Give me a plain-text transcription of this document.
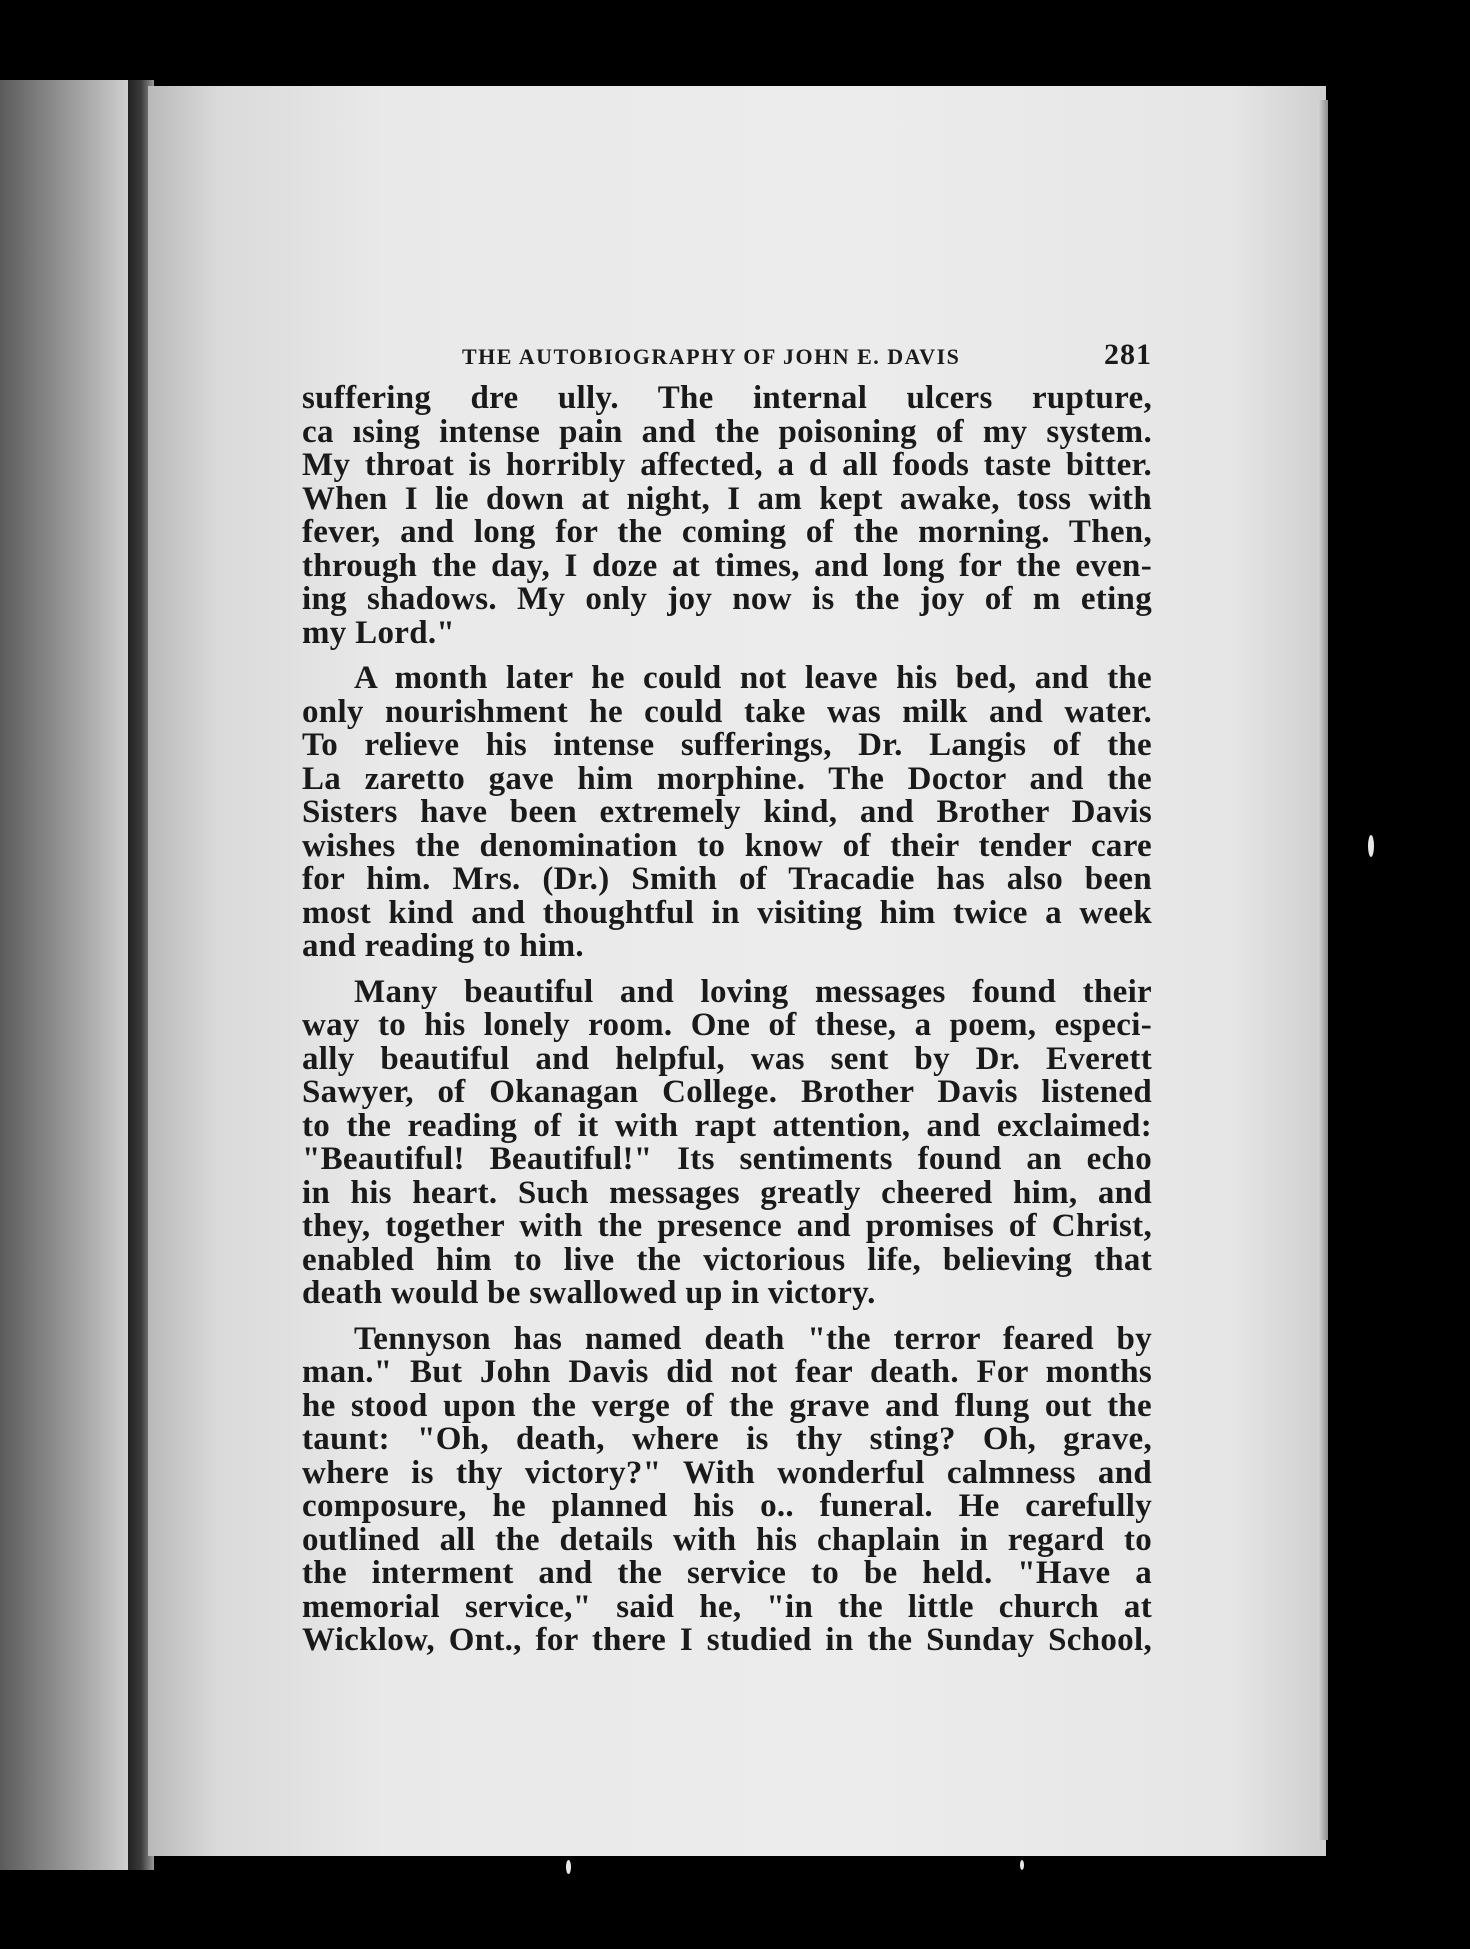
THE AUTOBIOGRAPHY OF JOHN E. DAVIS	281
suffering dre ully. The internal ulcers rupture,
ca ısing intense pain and the poisoning of my system.
My throat is horribly affected, a d all foods taste bitter.
When I lie down at night, I am kept awake, toss with
fever, and long for the coming of the morning. Then,
through the day, I doze at times, and long for the even-
ing shadows. My only joy now is the joy of m eting
my Lord."
A month later he could not leave his bed, and the
only nourishment he could take was milk and water.
To relieve his intense sufferings, Dr. Langis of the
La zaretto gave him morphine. The Doctor and the
Sisters have been extremely kind, and Brother Davis
wishes the denomination to know of their tender care
for him. Mrs. (Dr.) Smith of Tracadie has also been
most kind and thoughtful in visiting him twice a week
and reading to him.
Many beautiful and loving messages found their
way to his lonely room. One of these, a poem, especi-
ally beautiful and helpful, was sent by Dr. Everett
Sawyer, of Okanagan College. Brother Davis listened
to the reading of it with rapt attention, and exclaimed:
"Beautiful! Beautiful!" Its sentiments found an echo
in his heart. Such messages greatly cheered him, and
they, together with the presence and promises of Christ,
enabled him to live the victorious life, believing that
death would be swallowed up in victory.
Tennyson has named death "the terror feared by
man." But John Davis did not fear death. For months
he stood upon the verge of the grave and flung out the
taunt: "Oh, death, where is thy sting? Oh, grave,
where is thy victory?" With wonderful calmness and
composure, he planned his o.. funeral. He carefully
outlined all the details with his chaplain in regard to
the interment and the service to be held. "Have a
memorial service," said he, "in the little church at
Wicklow, Ont., for there I studied in the Sunday School,
